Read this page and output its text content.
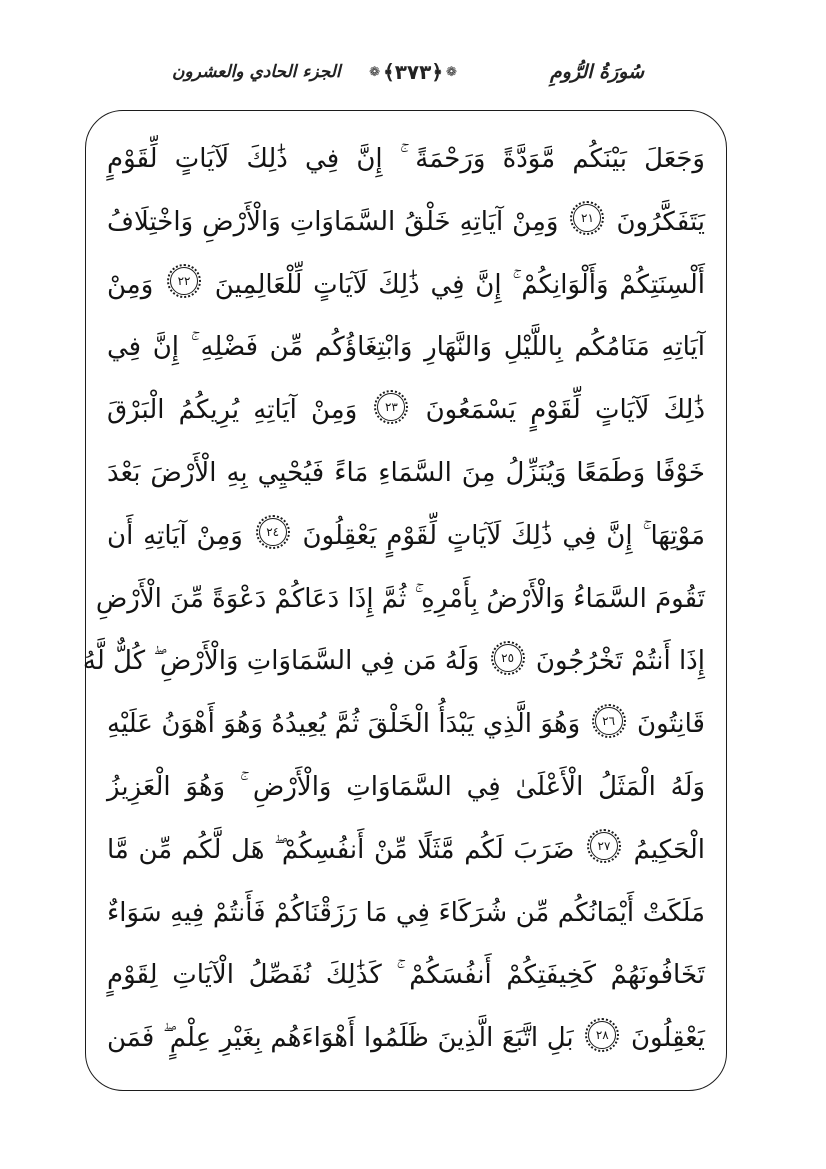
سُورَةُ الرُّومِ
❁
﴿٣٧٣﴾
❁
الجزء الحادي والعشرون
وَجَعَلَ بَيْنَكُم مَّوَدَّةً وَرَحْمَةً ۚ إِنَّ فِي ذَٰلِكَ لَآيَاتٍ لِّقَوْمٍ
يَتَفَكَّرُونَ ٢١ وَمِنْ آيَاتِهِ خَلْقُ السَّمَاوَاتِ وَالْأَرْضِ وَاخْتِلَافُ
أَلْسِنَتِكُمْ وَأَلْوَانِكُمْ ۚ إِنَّ فِي ذَٰلِكَ لَآيَاتٍ لِّلْعَالِمِينَ ٢٢ وَمِنْ
آيَاتِهِ مَنَامُكُم بِاللَّيْلِ وَالنَّهَارِ وَابْتِغَاؤُكُم مِّن فَضْلِهِ ۚ إِنَّ فِي
ذَٰلِكَ لَآيَاتٍ لِّقَوْمٍ يَسْمَعُونَ ٢٣ وَمِنْ آيَاتِهِ يُرِيكُمُ الْبَرْقَ
خَوْفًا وَطَمَعًا وَيُنَزِّلُ مِنَ السَّمَاءِ مَاءً فَيُحْيِي بِهِ الْأَرْضَ بَعْدَ
مَوْتِهَا ۚ إِنَّ فِي ذَٰلِكَ لَآيَاتٍ لِّقَوْمٍ يَعْقِلُونَ ٢٤ وَمِنْ آيَاتِهِ أَن
تَقُومَ السَّمَاءُ وَالْأَرْضُ بِأَمْرِهِ ۚ ثُمَّ إِذَا دَعَاكُمْ دَعْوَةً مِّنَ الْأَرْضِ
إِذَا أَنتُمْ تَخْرُجُونَ ٢٥ وَلَهُ مَن فِي السَّمَاوَاتِ وَالْأَرْضِ ۖ كُلٌّ لَّهُ
قَانِتُونَ ٢٦ وَهُوَ الَّذِي يَبْدَأُ الْخَلْقَ ثُمَّ يُعِيدُهُ وَهُوَ أَهْوَنُ عَلَيْهِ
وَلَهُ الْمَثَلُ الْأَعْلَىٰ فِي السَّمَاوَاتِ وَالْأَرْضِ ۚ وَهُوَ الْعَزِيزُ
الْحَكِيمُ ٢٧ ضَرَبَ لَكُم مَّثَلًا مِّنْ أَنفُسِكُمْ ۖ هَل لَّكُم مِّن مَّا
مَلَكَتْ أَيْمَانُكُم مِّن شُرَكَاءَ فِي مَا رَزَقْنَاكُمْ فَأَنتُمْ فِيهِ سَوَاءٌ
تَخَافُونَهُمْ كَخِيفَتِكُمْ أَنفُسَكُمْ ۚ كَذَٰلِكَ نُفَصِّلُ الْآيَاتِ لِقَوْمٍ
يَعْقِلُونَ ٢٨ بَلِ اتَّبَعَ الَّذِينَ ظَلَمُوا أَهْوَاءَهُم بِغَيْرِ عِلْمٍ ۖ فَمَن
